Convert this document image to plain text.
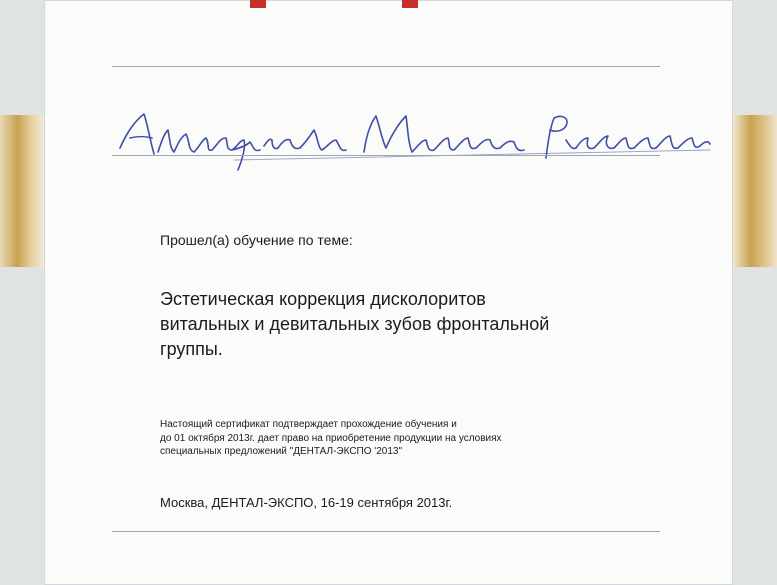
Албердиева Мадина Руслановна
Прошел(а) обучение по теме:
Эстетическая коррекция дисколоритов
витальных и девитальных зубов фронтальной
группы.
Настоящий сертификат подтверждает прохождение обучения и
до 01 октября 2013г. дает право на приобретение продукции на условиях
специальных предложений "ДЕНТАЛ-ЭКСПО '2013"
Москва, ДЕНТАЛ-ЭКСПО, 16-19 сентября 2013г.
